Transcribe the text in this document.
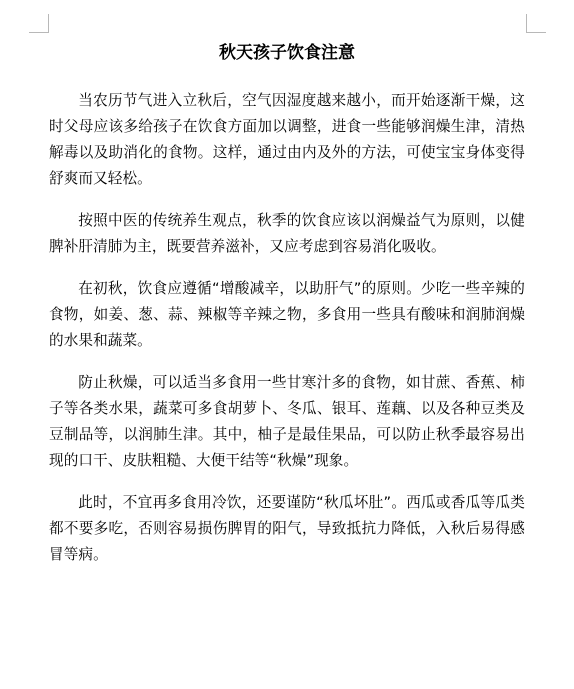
秋天孩子饮食注意

当农历节气进入立秋后，空气因湿度越来越小，而开始逐渐干燥，这时父母应该多给孩子在饮食方面加以调整，进食一些能够润燥生津，清热解毒以及助消化的食物。这样，通过由内及外的方法，可使宝宝身体变得舒爽而又轻松。

按照中医的传统养生观点，秋季的饮食应该以润燥益气为原则，以健脾补肝清肺为主，既要营养滋补，又应考虑到容易消化吸收。

在初秋，饮食应遵循“增酸减辛，以助肝气”的原则。少吃一些辛辣的食物，如姜、葱、蒜、辣椒等辛辣之物，多食用一些具有酸味和润肺润燥的水果和蔬菜。

防止秋燥，可以适当多食用一些甘寒汁多的食物，如甘蔗、香蕉、柿子等各类水果，蔬菜可多食胡萝卜、冬瓜、银耳、莲藕、以及各种豆类及豆制品等，以润肺生津。其中，柚子是最佳果品，可以防止秋季最容易出现的口干、皮肤粗糙、大便干结等“秋燥”现象。

此时，不宜再多食用冷饮，还要谨防“秋瓜坏肚”。西瓜或香瓜等瓜类都不要多吃，否则容易损伤脾胃的阳气，导致抵抗力降低，入秋后易得感冒等病。
